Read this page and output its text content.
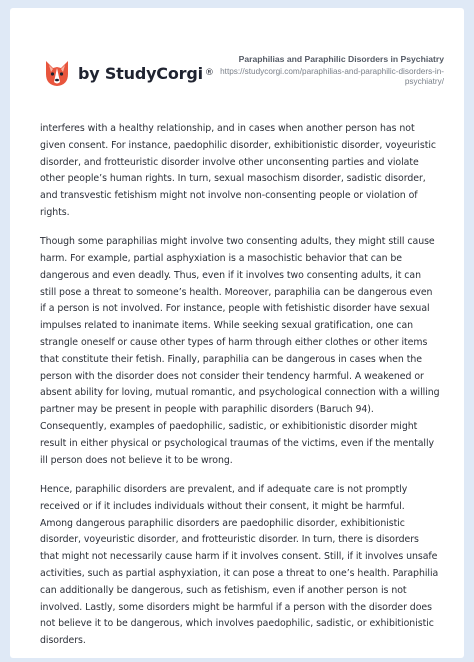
by StudyCorgi ®
Paraphilias and Paraphilic Disorders in Psychiatry
https://studycorgi.com/paraphilias-and-paraphilic-disorders-in-psychiatry/

interferes with a healthy relationship, and in cases when another person has not given consent. For instance, paedophilic disorder, exhibitionistic disorder, voyeuristic disorder, and frotteuristic disorder involve other unconsenting parties and violate other people’s human rights. In turn, sexual masochism disorder, sadistic disorder, and transvestic fetishism might not involve non-consenting people or violation of rights.

Though some paraphilias might involve two consenting adults, they might still cause harm. For example, partial asphyxiation is a masochistic behavior that can be dangerous and even deadly. Thus, even if it involves two consenting adults, it can still pose a threat to someone’s health. Moreover, paraphilia can be dangerous even if a person is not involved. For instance, people with fetishistic disorder have sexual impulses related to inanimate items. While seeking sexual gratification, one can strangle oneself or cause other types of harm through either clothes or other items that constitute their fetish. Finally, paraphilia can be dangerous in cases when the person with the disorder does not consider their tendency harmful. A weakened or absent ability for loving, mutual romantic, and psychological connection with a willing partner may be present in people with paraphilic disorders (Baruch 94). Consequently, examples of paedophilic, sadistic, or exhibitionistic disorder might result in either physical or psychological traumas of the victims, even if the mentally ill person does not believe it to be wrong.

Hence, paraphilic disorders are prevalent, and if adequate care is not promptly received or if it includes individuals without their consent, it might be harmful. Among dangerous paraphilic disorders are paedophilic disorder, exhibitionistic disorder, voyeuristic disorder, and frotteuristic disorder. In turn, there is disorders that might not necessarily cause harm if it involves consent. Still, if it involves unsafe activities, such as partial asphyxiation, it can pose a threat to one’s health. Paraphilia can additionally be dangerous, such as fetishism, even if another person is not involved. Lastly, some disorders might be harmful if a person with the disorder does not believe it to be dangerous, which involves paedophilic, sadistic, or exhibitionistic disorders.
